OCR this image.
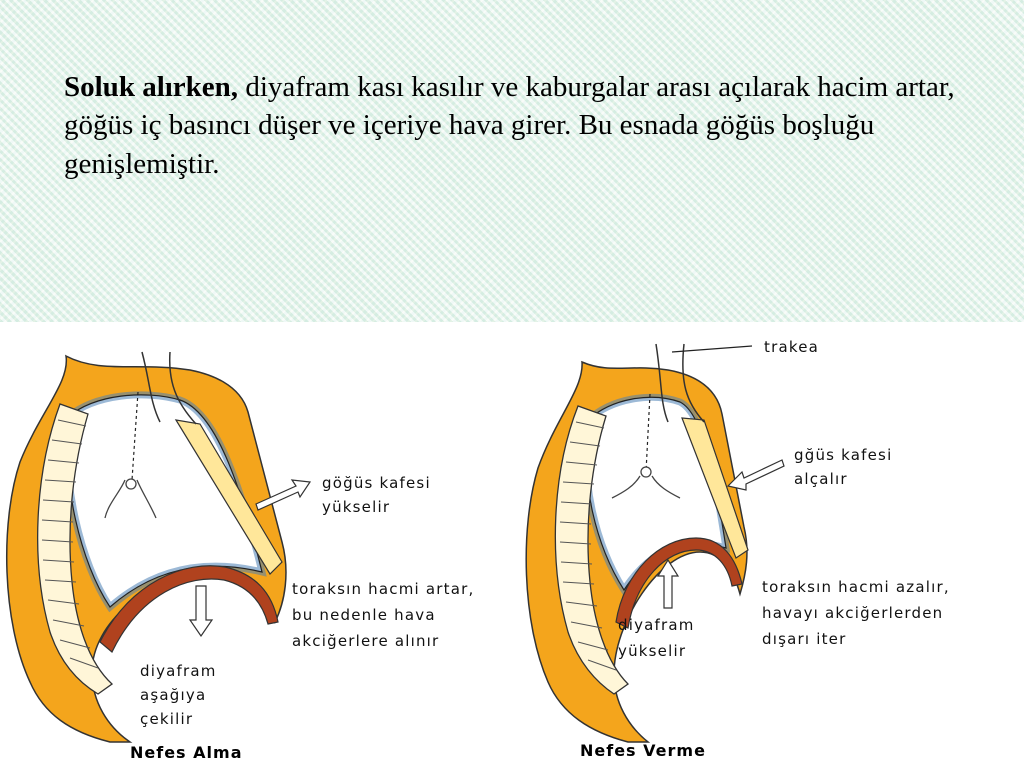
Soluk alırken, diyafram kası kasılır ve kaburgalar arası açılarak hacim artar, göğüs iç basıncı düşer ve içeriye hava girer. Bu esnada göğüs boşluğu genişlemiştir.

göğüs kafesi yükselir
toraksın hacmi artar, bu nedenle hava akciğerlere alınır
diyafram aşağıya çekilir
Nefes Alma
trakea
gğüs kafesi alçalır
toraksın hacmi azalır, havayı akciğerlerden dışarı iter
diyafram yükselir
Nefes Verme
